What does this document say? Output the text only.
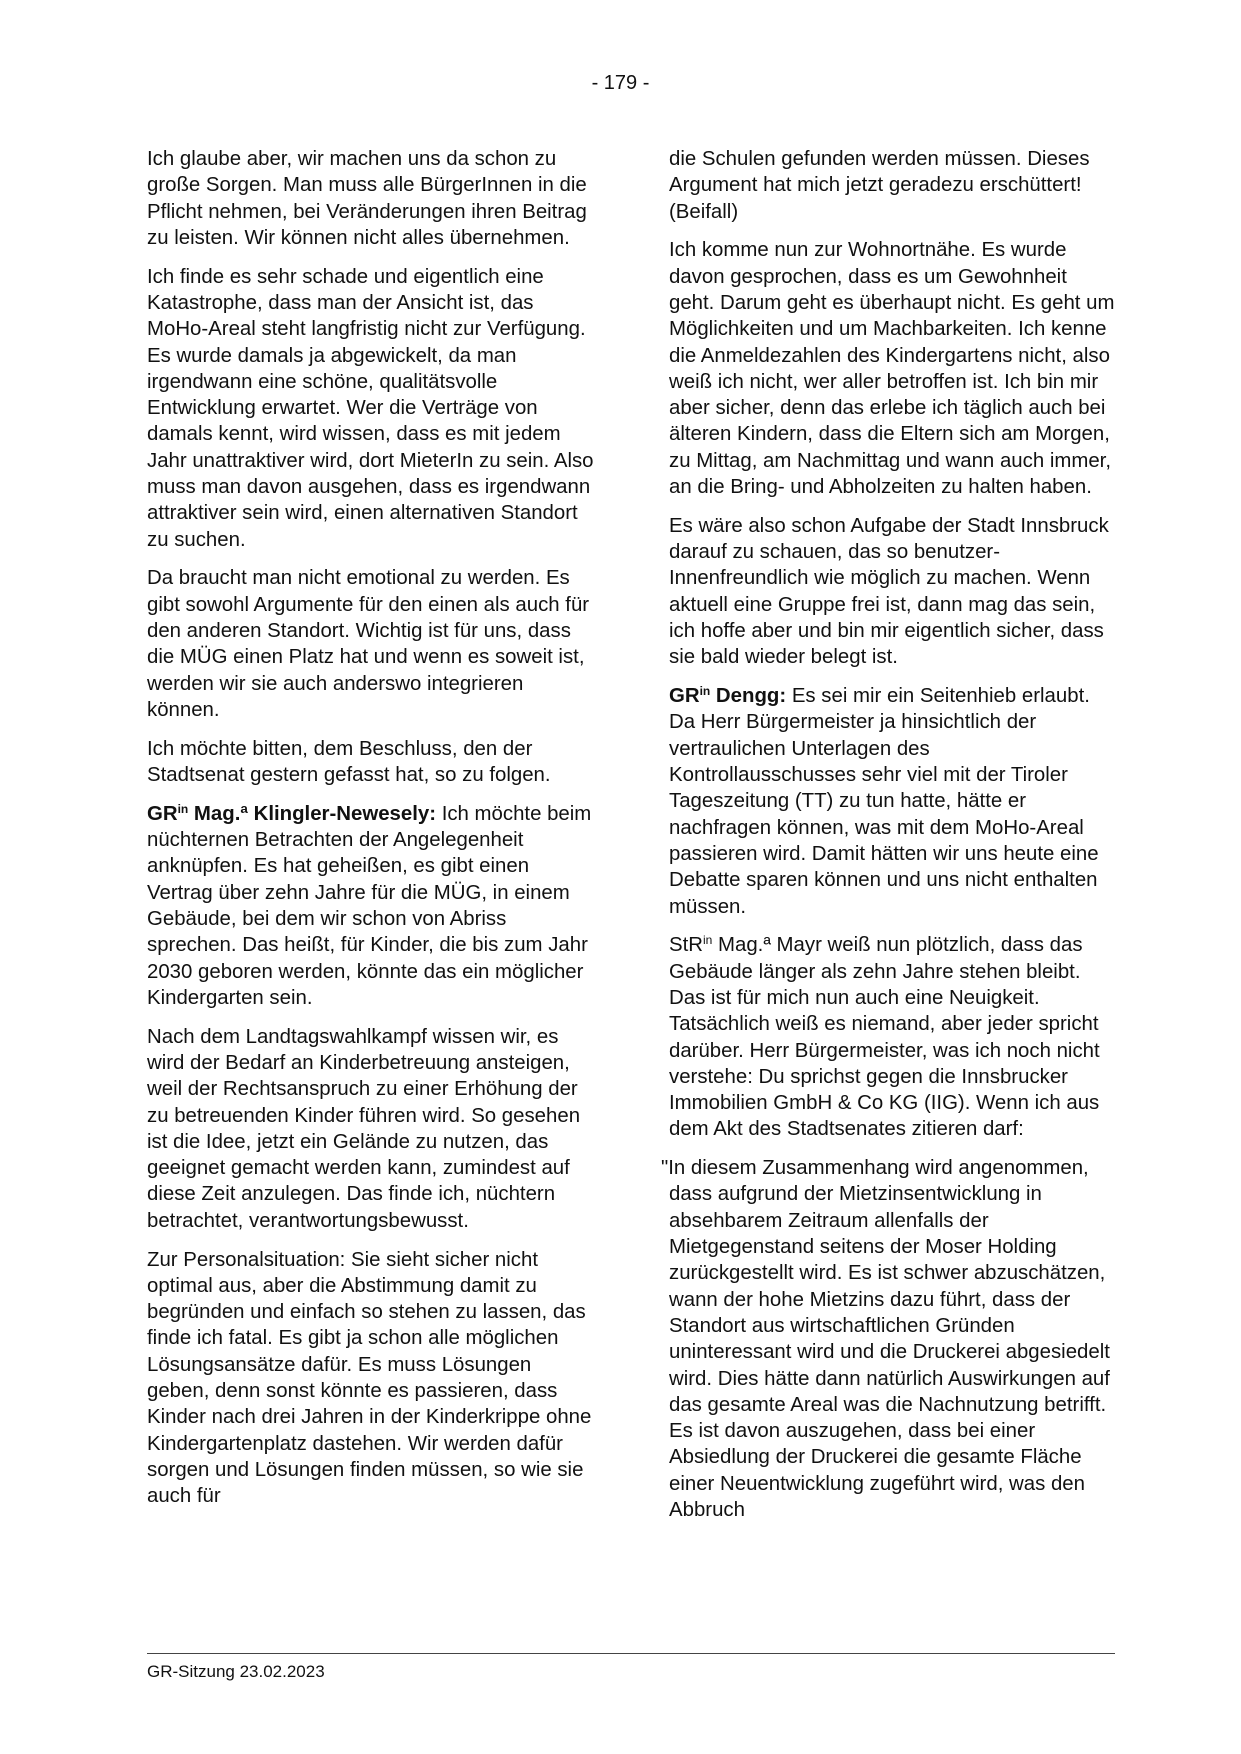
- 179 -

Ich glaube aber, wir machen uns da schon zu große Sorgen. Man muss alle BürgerInnen in die Pflicht nehmen, bei Veränderungen ihren Beitrag zu leisten. Wir können nicht alles übernehmen.

Ich finde es sehr schade und eigentlich eine Katastrophe, dass man der Ansicht ist, das MoHo-Areal steht langfristig nicht zur Verfügung. Es wurde damals ja abgewickelt, da man irgendwann eine schöne, qualitätsvolle Entwicklung erwartet. Wer die Verträge von damals kennt, wird wissen, dass es mit jedem Jahr unattraktiver wird, dort MieterIn zu sein. Also muss man davon ausgehen, dass es irgendwann attraktiver sein wird, einen alternativen Standort zu suchen.

Da braucht man nicht emotional zu werden. Es gibt sowohl Argumente für den einen als auch für den anderen Standort. Wichtig ist für uns, dass die MÜG einen Platz hat und wenn es soweit ist, werden wir sie auch anderswo integrieren können.

Ich möchte bitten, dem Beschluss, den der Stadtsenat gestern gefasst hat, so zu folgen.

$GR^{in}$ Mag.ª Klingler-Newesely: Ich möchte beim nüchternen Betrachten der Angelegenheit anknüpfen. Es hat geheißen, es gibt einen Vertrag über zehn Jahre für die MÜG, in einem Gebäude, bei dem wir schon von Abriss sprechen. Das heißt, für Kinder, die bis zum Jahr 2030 geboren werden, könnte das ein möglicher Kindergarten sein.

Nach dem Landtagswahlkampf wissen wir, es wird der Bedarf an Kinderbetreuung ansteigen, weil der Rechtsanspruch zu einer Erhöhung der zu betreuenden Kinder führen wird. So gesehen ist die Idee, jetzt ein Gelände zu nutzen, das geeignet gemacht werden kann, zumindest auf diese Zeit anzulegen. Das finde ich, nüchtern betrachtet, verantwortungsbewusst.

Zur Personalsituation: Sie sieht sicher nicht optimal aus, aber die Abstimmung damit zu begründen und einfach so stehen zu lassen, das finde ich fatal. Es gibt ja schon alle möglichen Lösungsansätze dafür. Es muss Lösungen geben, denn sonst könnte es passieren, dass Kinder nach drei Jahren in der Kinderkrippe ohne Kindergartenplatz dastehen. Wir werden dafür sorgen und Lösungen finden müssen, so wie sie auch für

die Schulen gefunden werden müssen. Dieses Argument hat mich jetzt geradezu erschüttert! (Beifall)

Ich komme nun zur Wohnortnähe. Es wurde davon gesprochen, dass es um Gewohnheit geht. Darum geht es überhaupt nicht. Es geht um Möglichkeiten und um Machbarkeiten. Ich kenne die Anmeldezahlen des Kindergartens nicht, also weiß ich nicht, wer aller betroffen ist. Ich bin mir aber sicher, denn das erlebe ich täglich auch bei älteren Kindern, dass die Eltern sich am Morgen, zu Mittag, am Nachmittag und wann auch immer, an die Bring- und Abholzeiten zu halten haben.

Es wäre also schon Aufgabe der Stadt Innsbruck darauf zu schauen, das so benutzer-Innenfreundlich wie möglich zu machen. Wenn aktuell eine Gruppe frei ist, dann mag das sein, ich hoffe aber und bin mir eigentlich sicher, dass sie bald wieder belegt ist.

$GR^{in}$ Dengg: Es sei mir ein Seitenhieb erlaubt. Da Herr Bürgermeister ja hinsichtlich der vertraulichen Unterlagen des Kontrollausschusses sehr viel mit der Tiroler Tageszeitung (TT) zu tun hatte, hätte er nachfragen können, was mit dem MoHo-Areal passieren wird. Damit hätten wir uns heute eine Debatte sparen können und uns nicht enthalten müssen.

StR$^{in}$ Mag.ª Mayr weiß nun plötzlich, dass das Gebäude länger als zehn Jahre stehen bleibt. Das ist für mich nun auch eine Neuigkeit. Tatsächlich weiß es niemand, aber jeder spricht darüber. Herr Bürgermeister, was ich noch nicht verstehe: Du sprichst gegen die Innsbrucker Immobilien GmbH & Co KG (IIG). Wenn ich aus dem Akt des Stadtsenates zitieren darf:

"In diesem Zusammenhang wird angenommen, dass aufgrund der Mietzinsentwicklung in absehbarem Zeitraum allenfalls der Mietgegenstand seitens der Moser Holding zurückgestellt wird. Es ist schwer abzuschätzen, wann der hohe Mietzins dazu führt, dass der Standort aus wirtschaftlichen Gründen uninteressant wird und die Druckerei abgesiedelt wird. Dies hätte dann natürlich Auswirkungen auf das gesamte Areal was die Nachnutzung betrifft. Es ist davon auszugehen, dass bei einer Absiedlung der Druckerei die gesamte Fläche einer Neuentwicklung zugeführt wird, was den Abbruch

GR-Sitzung 23.02.2023
